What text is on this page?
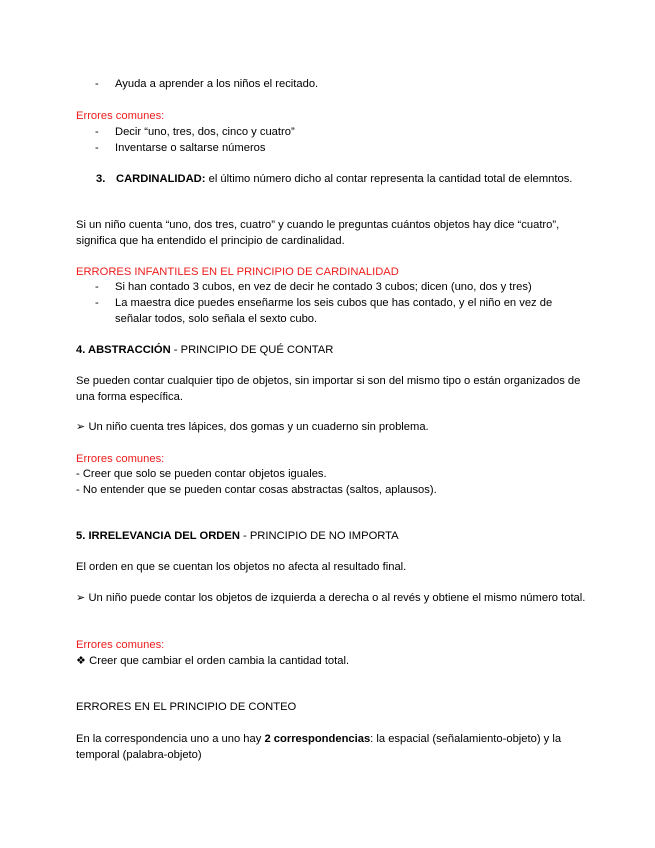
- Ayuda a aprender a los niños el recitado.
Errores comunes:
- Decir “uno, tres, dos, cinco y cuatro”
- Inventarse o saltarse números
3. CARDINALIDAD: el último número dicho al contar representa la cantidad total de elemntos.
Si un niño cuenta “uno, dos tres, cuatro” y cuando le preguntas cuántos objetos hay dice “cuatro”, significa que ha entendido el principio de cardinalidad.
ERRORES INFANTILES EN EL PRINCIPIO DE CARDINALIDAD
- Si han contado 3 cubos, en vez de decir he contado 3 cubos; dicen (uno, dos y tres)
- La maestra dice puedes enseñarme los seis cubos que has contado, y el niño en vez de señalar todos, solo señala el sexto cubo.
4. ABSTRACCIÓN - PRINCIPIO DE QUÉ CONTAR
Se pueden contar cualquier tipo de objetos, sin importar si son del mismo tipo o están organizados de una forma específica.
➢ Un niño cuenta tres lápices, dos gomas y un cuaderno sin problema.
Errores comunes:
- Creer que solo se pueden contar objetos iguales.
- No entender que se pueden contar cosas abstractas (saltos, aplausos).
5. IRRELEVANCIA DEL ORDEN - PRINCIPIO DE NO IMPORTA
El orden en que se cuentan los objetos no afecta al resultado final.
➢ Un niño puede contar los objetos de izquierda a derecha o al revés y obtiene el mismo número total.
Errores comunes:
❖ Creer que cambiar el orden cambia la cantidad total.
ERRORES EN EL PRINCIPIO DE CONTEO
En la correspondencia uno a uno hay 2 correspondencias: la espacial (señalamiento-objeto) y la temporal (palabra-objeto)
